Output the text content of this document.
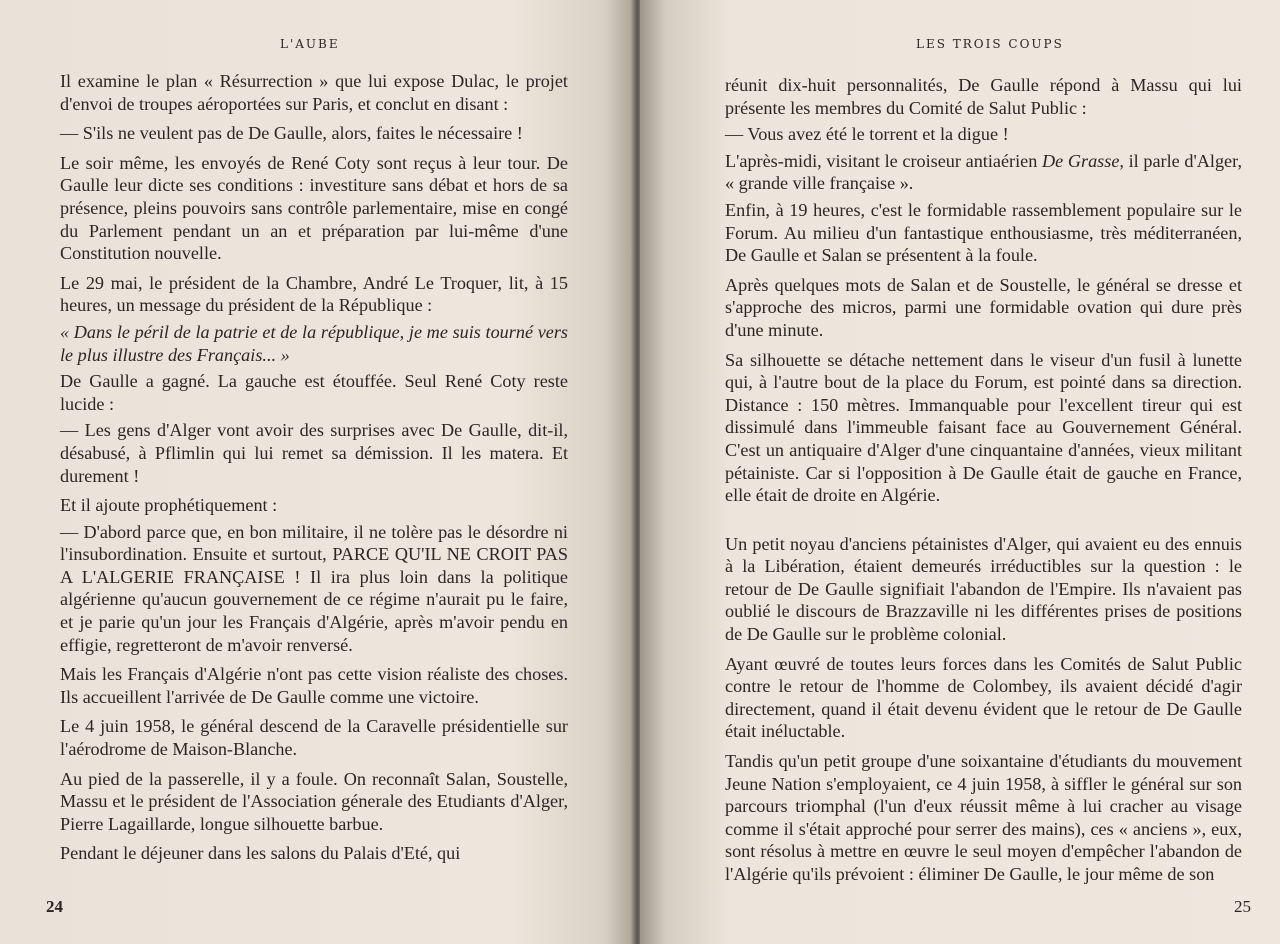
L'AUBE

Il examine le plan « Résurrection » que lui expose Dulac, le projet d'envoi de troupes aéroportées sur Paris, et conclut en disant :

— S'ils ne veulent pas de De Gaulle, alors, faites le nécessaire !

Le soir même, les envoyés de René Coty sont reçus à leur tour. De Gaulle leur dicte ses conditions : investiture sans débat et hors de sa présence, pleins pouvoirs sans contrôle parlementaire, mise en congé du Parlement pendant un an et préparation par lui-même d'une Constitution nouvelle.

Le 29 mai, le président de la Chambre, André Le Troquer, lit, à 15 heures, un message du président de la République :

« Dans le péril de la patrie et de la république, je me suis tourné vers le plus illustre des Français... »

De Gaulle a gagné. La gauche est étouffée. Seul René Coty reste lucide :

— Les gens d'Alger vont avoir des surprises avec De Gaulle, dit-il, désabusé, à Pflimlin qui lui remet sa démission. Il les matera. Et durement !

Et il ajoute prophétiquement :

— D'abord parce que, en bon militaire, il ne tolère pas le désordre ni l'insubordination. Ensuite et surtout, PARCE QU'IL NE CROIT PAS A L'ALGERIE FRANÇAISE ! Il ira plus loin dans la politique algérienne qu'aucun gouvernement de ce régime n'aurait pu le faire, et je parie qu'un jour les Français d'Algérie, après m'avoir pendu en effigie, regretteront de m'avoir renversé.

Mais les Français d'Algérie n'ont pas cette vision réaliste des choses. Ils accueillent l'arrivée de De Gaulle comme une victoire.

Le 4 juin 1958, le général descend de la Caravelle présidentielle sur l'aérodrome de Maison-Blanche.

Au pied de la passerelle, il y a foule. On reconnaît Salan, Soustelle, Massu et le président de l'Association génerale des Etudiants d'Alger, Pierre Lagaillarde, longue silhouette barbue.

Pendant le déjeuner dans les salons du Palais d'Eté, qui

24
LES TROIS COUPS

réunit dix-huit personnalités, De Gaulle répond à Massu qui lui présente les membres du Comité de Salut Public :

— Vous avez été le torrent et la digue !

L'après-midi, visitant le croiseur antiaérien De Grasse, il parle d'Alger, « grande ville française ».

Enfin, à 19 heures, c'est le formidable rassemblement populaire sur le Forum. Au milieu d'un fantastique enthousiasme, très méditerranéen, De Gaulle et Salan se présentent à la foule.

Après quelques mots de Salan et de Soustelle, le général se dresse et s'approche des micros, parmi une formidable ovation qui dure près d'une minute.

Sa silhouette se détache nettement dans le viseur d'un fusil à lunette qui, à l'autre bout de la place du Forum, est pointé dans sa direction. Distance : 150 mètres. Immanquable pour l'excellent tireur qui est dissimulé dans l'immeuble faisant face au Gouvernement Général. C'est un antiquaire d'Alger d'une cinquantaine d'années, vieux militant pétainiste. Car si l'opposition à De Gaulle était de gauche en France, elle était de droite en Algérie.

Un petit noyau d'anciens pétainistes d'Alger, qui avaient eu des ennuis à la Libération, étaient demeurés irréductibles sur la question : le retour de De Gaulle signifiait l'abandon de l'Empire. Ils n'avaient pas oublié le discours de Brazzaville ni les différentes prises de positions de De Gaulle sur le problème colonial.

Ayant œuvré de toutes leurs forces dans les Comités de Salut Public contre le retour de l'homme de Colombey, ils avaient décidé d'agir directement, quand il était devenu évident que le retour de De Gaulle était inéluctable.

Tandis qu'un petit groupe d'une soixantaine d'étudiants du mouvement Jeune Nation s'employaient, ce 4 juin 1958, à siffler le général sur son parcours triomphal (l'un d'eux réussit même à lui cracher au visage comme il s'était approché pour serrer des mains), ces « anciens », eux, sont résolus à mettre en œuvre le seul moyen d'empêcher l'abandon de l'Algérie qu'ils prévoient : éliminer De Gaulle, le jour même de son

25
